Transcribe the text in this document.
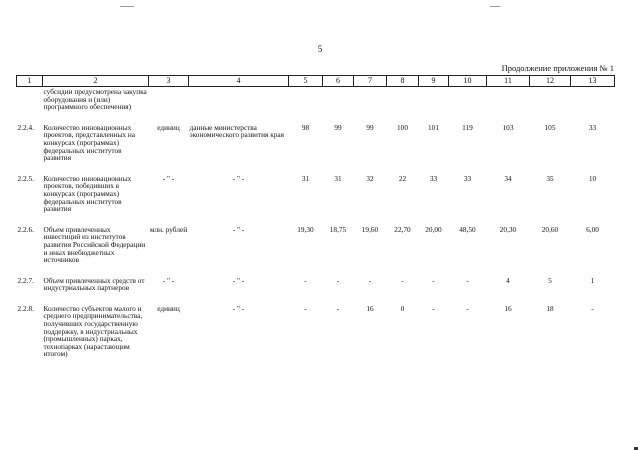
5
Продолжение приложения № 1
1	2	3	4	5	6	7	8	9	10	11	12	13
	субсидии предусмотрена закупка оборудования и (или) программного обеспечения)											
2.2.4.	Количество инновационных проектов, представленных на конкурсах (программах) федеральных институтов развития	единиц	данные министерства экономического развития края	98	99	99	100	101	119	103	105	33
2.2.5.	Количество инновационных проектов, победивших в конкурсах (программах) федеральных институтов развития	- " -	- " -	31	31	32	22	33	33	34	35	10
2.2.6.	Объем привлеченных инвестиций из институтов развития Российской Федерации и иных внебюджетных источников	млн. рублей	- " -	19,30	18,75	19,60	22,70	20,00	48,50	20,30	20,60	6,00
2.2.7.	Объем привлеченных средств от индустриальных партнеров	- " -	- " -	-	-	-	-	-	-	4	5	1
2.2.8.	Количество субъектов малого и среднего предпринимательства, получивших государственную поддержку, в индустриальных (промышленных) парках, технопарках (нарастающим итогом)	единиц	- " -	-	-	16	0	-	-	16	18	-
